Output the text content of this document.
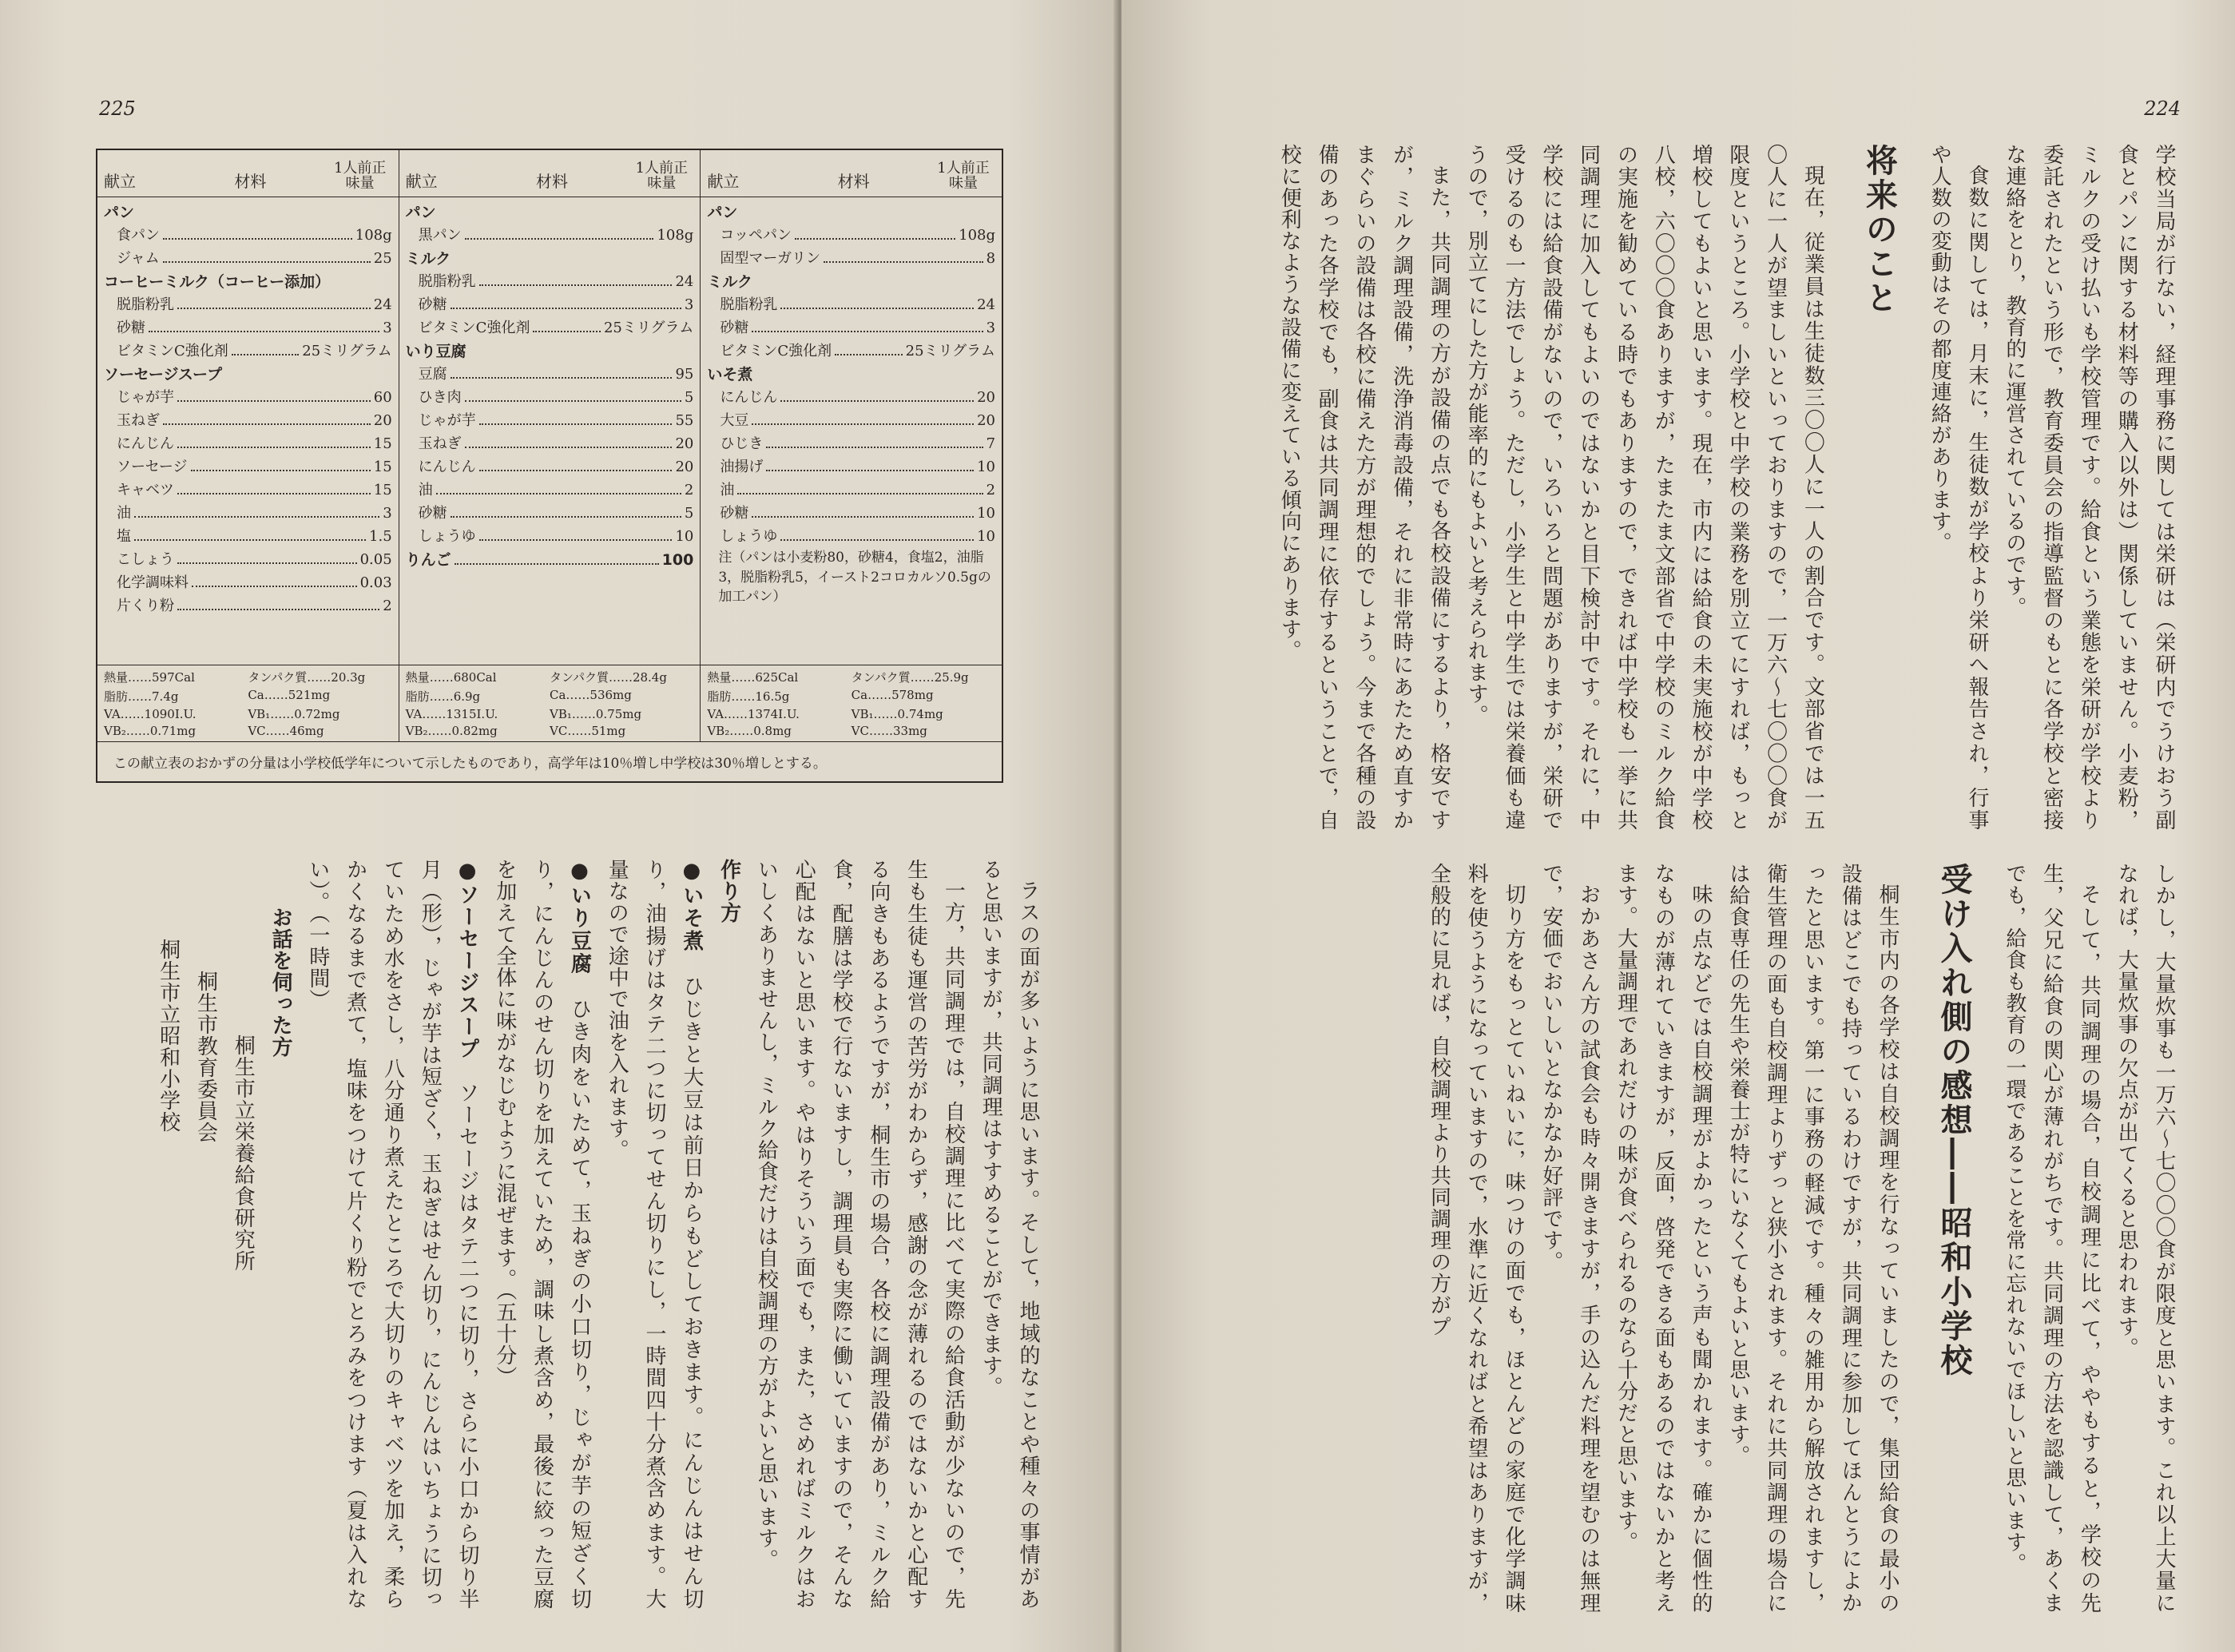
225
献立	材料
1人前正味量
パン
食パン	108g
ジャム	25
コーヒーミルク（コーヒー添加）
脱脂粉乳	24
砂糖	3
ビタミンC強化剤	25ミリグラム
ソーセージスープ
じゃが芋	60
玉ねぎ	20
にんじん	15
ソーセージ	15
キャベツ	15
油	3
塩	1.5
こしょう	0.05
化学調味料	0.03
片くり粉	2
献立	材料
1人前正味量
パン
黒パン	108g
ミルク
脱脂粉乳	24
砂糖	3
ビタミンC強化剤	25ミリグラム
いり豆腐
豆腐	95
ひき肉	5
じゃが芋	55
玉ねぎ	20
にんじん	20
油	2
砂糖	5
しょうゆ	10
りんご	100
献立	材料
1人前正味量
パン
コッペパン	108g
固型マーガリン	8
ミルク
脱脂粉乳	24
砂糖	3
ビタミンC強化剤	25ミリグラム
いそ煮
にんじん	20
大豆	20
ひじき	7
油揚げ	10
油	2
砂糖	10
しょうゆ	10
注（パンは小麦粉80，砂糖4，食塩2，油脂3，脱脂粉乳5，イースト2コロカルソ0.5gの加工パン）
熱量……597Cal	タンパク質……20.3g
脂肪……7.4g	Ca……521mg
VA……1090I.U.	VB₁……0.72mg
VB₂……0.71mg	VC……46mg
熱量……680Cal	タンパク質……28.4g
脂肪……6.9g	Ca……536mg
VA……1315I.U.	VB₁……0.75mg
VB₂……0.82mg	VC……51mg
熱量……625Cal	タンパク質……25.9g
脂肪……16.5g	Ca……578mg
VA……1374I.U.	VB₁……0.74mg
VB₂……0.8mg	VC……33mg
この献立表のおかずの分量は小学校低学年について示したものであり，高学年は10％増し中学校は30％増しとする。

ラスの面が多いように思います。そして，地域的なことや種々の事情があると思いますが，共同調理はすすめることができます。

一方，共同調理では，自校調理に比べて実際の給食活動が少ないので，先生も生徒も運営の苦労がわからず，感謝の念が薄れるのではないかと心配する向きもあるようですが，桐生市の場合，各校に調理設備があり，ミルク給食，配膳は学校で行ないますし，調理員も実際に働いていますので，そんな心配はないと思います。やはりそういう面でも，また，さめればミルクはおいしくありませんし，ミルク給食だけは自校調理の方がよいと思います。

作り方

●いそ煮　ひじきと大豆は前日からもどしておきます。にんじんはせん切り，油揚げはタテ二つに切ってせん切りにし，一時間四十分煮含めます。大量なので途中で油を入れます。

●いり豆腐　ひき肉をいためて，玉ねぎの小口切り，じゃが芋の短ざく切り，にんじんのせん切りを加えていため，調味し煮含め，最後に絞った豆腐を加えて全体に味がなじむように混ぜます。（五十分）

●ソーセージスープ　ソーセージはタテ二つに切り，さらに小口から切り半月（形），じゃが芋は短ざく，玉ねぎはせん切り，にんじんはいちょうに切っていため水をさし，八分通り煮えたところで大切りのキャベツを加え，柔らかくなるまで煮て，塩味をつけて片くり粉でとろみをつけます（夏は入れない）。（一時間）

お話を伺った方

桐生市立栄養給食研究所

桐生市教育委員会

桐生市立昭和小学校

224

学校当局が行ない，経理事務に関しては栄研は（栄研内でうけおう副食とパンに関する材料等の購入以外は）関係していません。小麦粉，ミルクの受け払いも学校管理です。給食という業態を栄研が学校より委託されたという形で，教育委員会の指導監督のもとに各学校と密接な連絡をとり，教育的に運営されているのです。

食数に関しては，月末に，生徒数が学校より栄研へ報告され，行事や人数の変動はその都度連絡があります。

将来のこと

現在，従業員は生徒数三〇〇人に一人の割合です。文部省では一五〇人に一人が望ましいといっておりますので，一万六～七〇〇〇食が限度というところ。小学校と中学校の業務を別立てにすれば，もっと増校してもよいと思います。現在，市内には給食の未実施校が中学校八校，六〇〇〇食ありますが，たまたま文部省で中学校のミルク給食の実施を勧めている時でもありますので，できれば中学校も一挙に共同調理に加入してもよいのではないかと目下検討中です。それに，中学校には給食設備がないので，いろいろと問題がありますが，栄研で受けるのも一方法でしょう。ただし，小学生と中学生では栄養価も違うので，別立てにした方が能率的にもよいと考えられます。

また，共同調理の方が設備の点でも各校設備にするより，格安ですが，ミルク調理設備，洗浄消毒設備，それに非常時にあたため直すかまぐらいの設備は各校に備えた方が理想的でしょう。今まで各種の設備のあった各学校でも，副食は共同調理に依存するということで，自校に便利なような設備に変えている傾向にあります。

しかし，大量炊事も一万六～七〇〇〇食が限度と思います。これ以上大量になれば，大量炊事の欠点が出てくると思われます。

そして，共同調理の場合，自校調理に比べて，ややもすると，学校の先生，父兄に給食の関心が薄れがちです。共同調理の方法を認識して，あくまでも，給食も教育の一環であることを常に忘れないでほしいと思います。

受け入れ側の感想――昭和小学校

桐生市内の各学校は自校調理を行なっていましたので，集団給食の最小の設備はどこでも持っているわけですが，共同調理に参加してほんとうによかったと思います。第一に事務の軽減です。種々の雑用から解放されますし，衛生管理の面も自校調理よりずっと狭小されます。それに共同調理の場合には給食専任の先生や栄養士が特にいなくてもよいと思います。

味の点などでは自校調理がよかったという声も聞かれます。確かに個性的なものが薄れていきますが，反面，啓発できる面もあるのではないかと考えます。大量調理であれだけの味が食べられるのなら十分だと思います。

おかあさん方の試食会も時々開きますが，手の込んだ料理を望むのは無理で，安価でおいしいとなかなか好評です。

切り方をもっとていねいに，味つけの面でも，ほとんどの家庭で化学調味料を使うようになっていますので，水準に近くなればと希望はありますが，全般的に見れば，自校調理より共同調理の方がプ
